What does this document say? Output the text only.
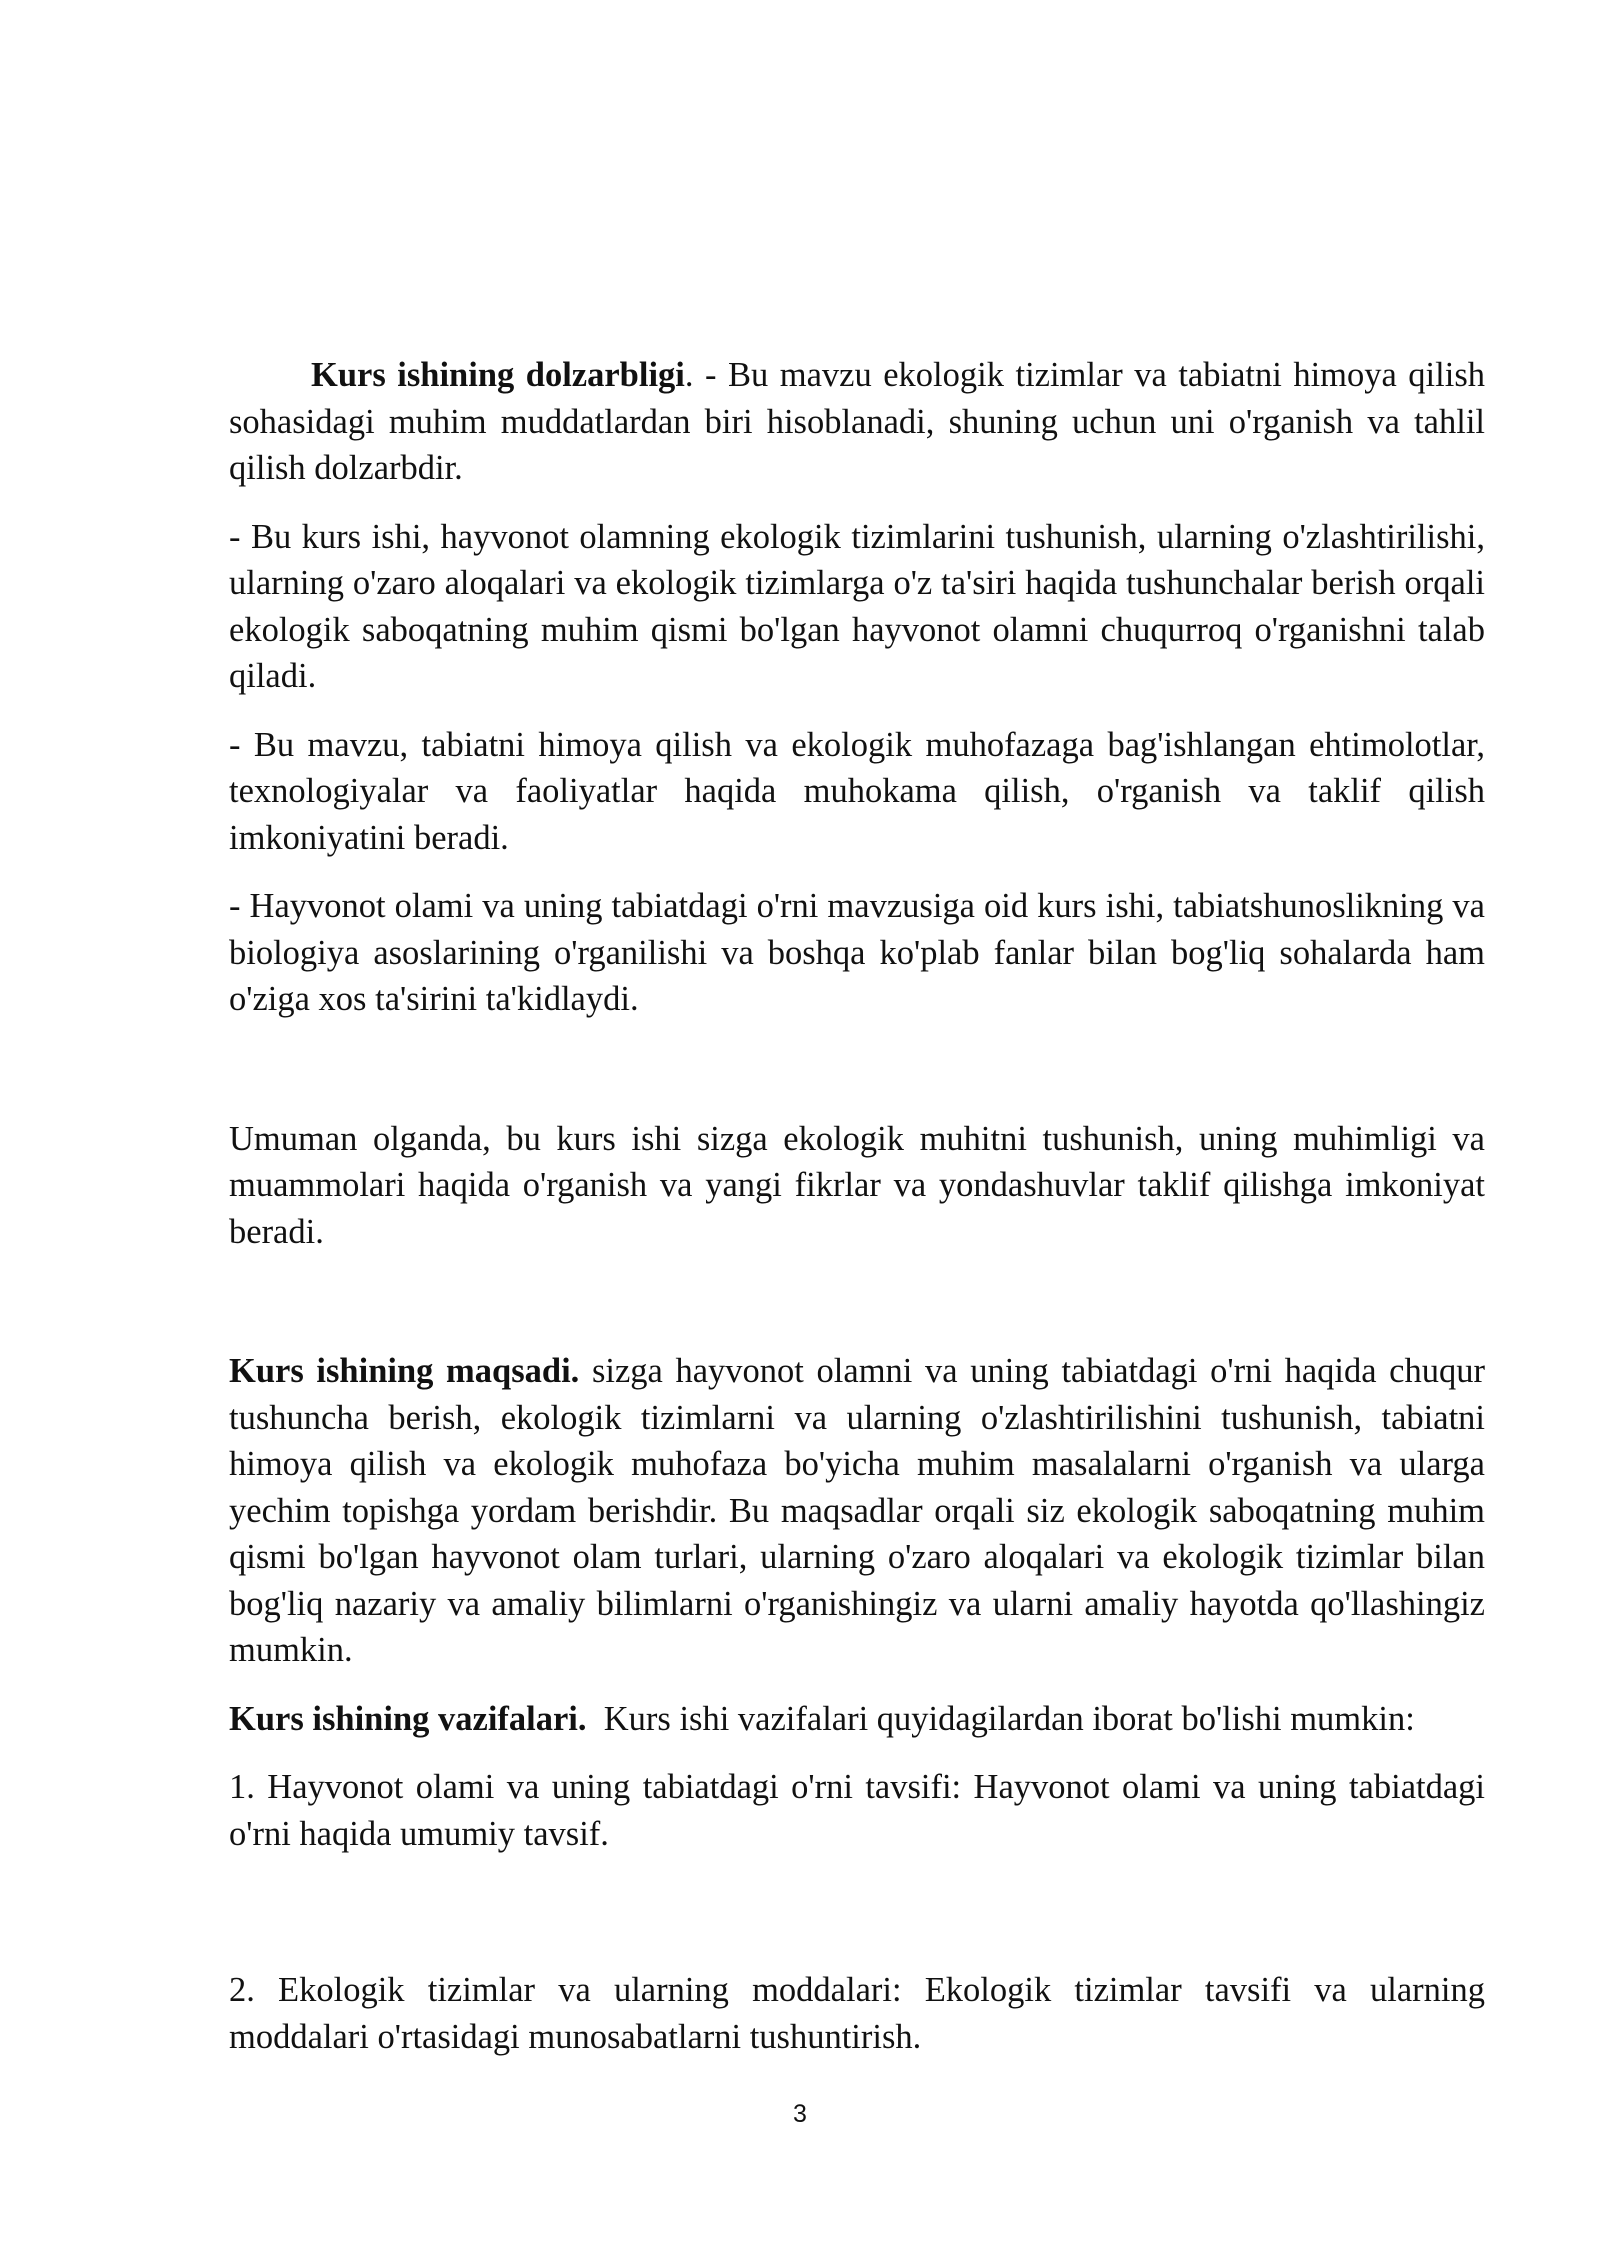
Kurs ishining dolzarbligi. - Bu mavzu ekologik tizimlar va tabiatni himoya qilish sohasidagi muhim muddatlardan biri hisoblanadi, shuning uchun uni o'rganish va tahlil qilish dolzarbdir.

- Bu kurs ishi, hayvonot olamning ekologik tizimlarini tushunish, ularning o'zlashtirilishi, ularning o'zaro aloqalari va ekologik tizimlarga o'z ta'siri haqida tushunchalar berish orqali ekologik saboqatning muhim qismi bo'lgan hayvonot olamni chuqurroq o'rganishni talab qiladi.

- Bu mavzu, tabiatni himoya qilish va ekologik muhofazaga bag'ishlangan ehtimolotlar, texnologiyalar va faoliyatlar haqida muhokama qilish, o'rganish va taklif qilish imkoniyatini beradi.

- Hayvonot olami va uning tabiatdagi o'rni mavzusiga oid kurs ishi, tabiatshunoslikning va biologiya asoslarining o'rganilishi va boshqa ko'plab fanlar bilan bog'liq sohalarda ham o'ziga xos ta'sirini ta'kidlaydi.

Umuman olganda, bu kurs ishi sizga ekologik muhitni tushunish, uning muhimligi va muammolari haqida o'rganish va yangi fikrlar va yondashuvlar taklif qilishga imkoniyat beradi.

Kurs ishining maqsadi. sizga hayvonot olamni va uning tabiatdagi o'rni haqida chuqur tushuncha berish, ekologik tizimlarni va ularning o'zlashtirilishini tushunish, tabiatni himoya qilish va ekologik muhofaza bo'yicha muhim masalalarni o'rganish va ularga yechim topishga yordam berishdir. Bu maqsadlar orqali siz ekologik saboqatning muhim qismi bo'lgan hayvonot olam turlari, ularning o'zaro aloqalari va ekologik tizimlar bilan bog'liq nazariy va amaliy bilimlarni o'rganishingiz va ularni amaliy hayotda qo'llashingiz mumkin.

Kurs ishining vazifalari.  Kurs ishi vazifalari quyidagilardan iborat bo'lishi mumkin:

1. Hayvonot olami va uning tabiatdagi o'rni tavsifi: Hayvonot olami va uning tabiatdagi o'rni haqida umumiy tavsif.

2. Ekologik tizimlar va ularning moddalari: Ekologik tizimlar tavsifi va ularning moddalari o'rtasidagi munosabatlarni tushuntirish.

3
